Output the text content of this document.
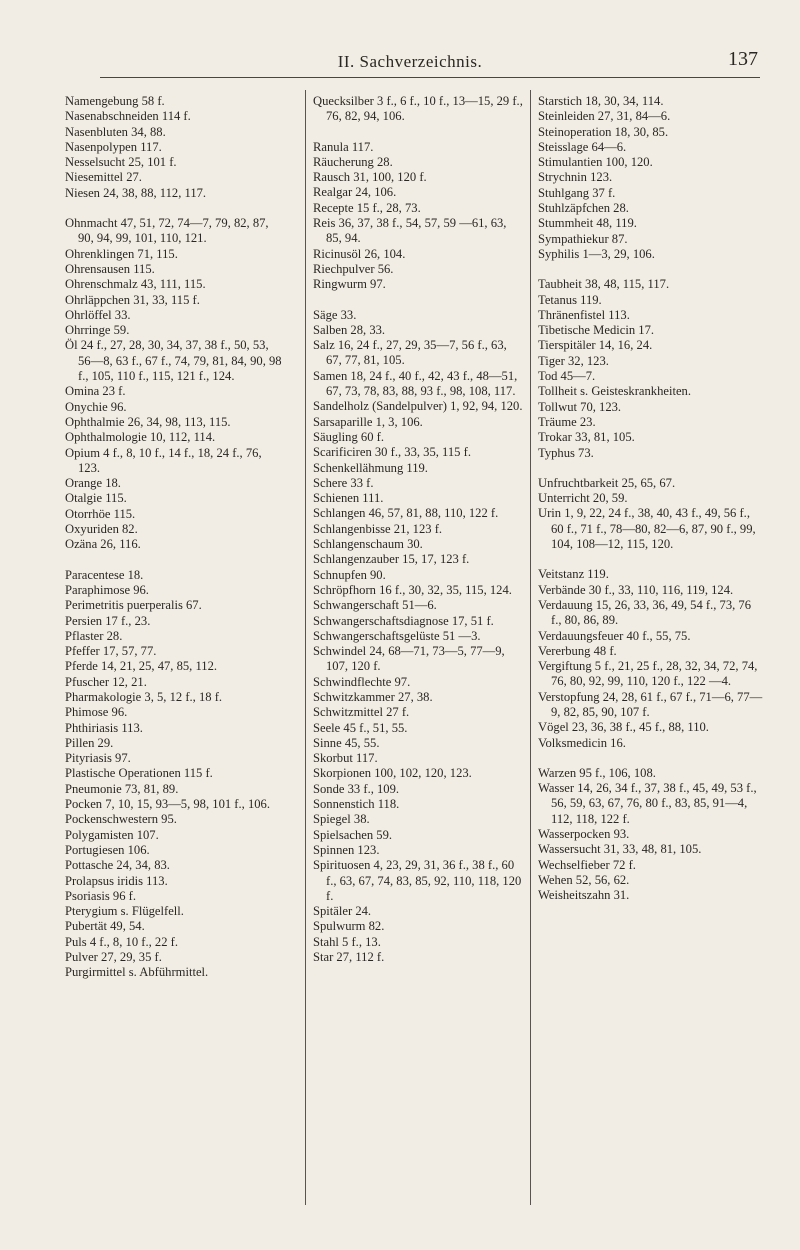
II. Sachverzeichnis.	137
Namengebung 58 f.
Nasenabschneiden 114 f.
Nasenbluten 34, 88.
Nasenpolypen 117.
Nesselsucht 25, 101 f.
Niesemittel 27.
Niesen 24, 38, 88, 112, 117.
Ohnmacht 47, 51, 72, 74—7, 79, 82, 87, 90, 94, 99, 101, 110, 121.
Ohrenklingen 71, 115.
Ohrensausen 115.
Ohrenschmalz 43, 111, 115.
Ohrläppchen 31, 33, 115 f.
Ohrlöffel 33.
Ohrringe 59.
Öl 24 f., 27, 28, 30, 34, 37, 38 f., 50, 53, 56—8, 63 f., 67 f., 74, 79, 81, 84, 90, 98 f., 105, 110 f., 115, 121 f., 124.
Omina 23 f.
Onychie 96.
Ophthalmie 26, 34, 98, 113, 115.
Ophthalmologie 10, 112, 114.
Opium 4 f., 8, 10 f., 14 f., 18, 24 f., 76, 123.
Orange 18.
Otalgie 115.
Otorrhöe 115.
Oxyuriden 82.
Ozäna 26, 116.
Paracentese 18.
Paraphimose 96.
Perimetritis puerperalis 67.
Persien 17 f., 23.
Pflaster 28.
Pfeffer 17, 57, 77.
Pferde 14, 21, 25, 47, 85, 112.
Pfuscher 12, 21.
Pharmakologie 3, 5, 12 f., 18 f.
Phimose 96.
Phthiriasis 113.
Pillen 29.
Pityriasis 97.
Plastische Operationen 115 f.
Pneumonie 73, 81, 89.
Pocken 7, 10, 15, 93—5, 98, 101 f., 106.
Pockenschwestern 95.
Polygamisten 107.
Portugiesen 106.
Pottasche 24, 34, 83.
Prolapsus iridis 113.
Psoriasis 96 f.
Pterygium s. Flügelfell.
Pubertät 49, 54.
Puls 4 f., 8, 10 f., 22 f.
Pulver 27, 29, 35 f.
Purgirmittel s. Abführmittel.
Quecksilber 3 f., 6 f., 10 f., 13—15, 29 f., 76, 82, 94, 106.
Ranula 117.
Räucherung 28.
Rausch 31, 100, 120 f.
Realgar 24, 106.
Recepte 15 f., 28, 73.
Reis 36, 37, 38 f., 54, 57, 59 —61, 63, 85, 94.
Ricinusöl 26, 104.
Riechpulver 56.
Ringwurm 97.
Säge 33.
Salben 28, 33.
Salz 16, 24 f., 27, 29, 35—7, 56 f., 63, 67, 77, 81, 105.
Samen 18, 24 f., 40 f., 42, 43 f., 48—51, 67, 73, 78, 83, 88, 93 f., 98, 108, 117.
Sandelholz (Sandelpulver) 1, 92, 94, 120.
Sarsaparille 1, 3, 106.
Säugling 60 f.
Scarificiren 30 f., 33, 35, 115 f.
Schenkellähmung 119.
Schere 33 f.
Schienen 111.
Schlangen 46, 57, 81, 88, 110, 122 f.
Schlangenbisse 21, 123 f.
Schlangenschaum 30.
Schlangenzauber 15, 17, 123 f.
Schnupfen 90.
Schröpfhorn 16 f., 30, 32, 35, 115, 124.
Schwangerschaft 51—6.
Schwangerschaftsdiagnose 17, 51 f.
Schwangerschaftsgelüste 51 —3.
Schwindel 24, 68—71, 73—5, 77—9, 107, 120 f.
Schwindflechte 97.
Schwitzkammer 27, 38.
Schwitzmittel 27 f.
Seele 45 f., 51, 55.
Sinne 45, 55.
Skorbut 117.
Skorpionen 100, 102, 120, 123.
Sonde 33 f., 109.
Sonnenstich 118.
Spiegel 38.
Spielsachen 59.
Spinnen 123.
Spirituosen 4, 23, 29, 31, 36 f., 38 f., 60 f., 63, 67, 74, 83, 85, 92, 110, 118, 120 f.
Spitäler 24.
Spulwurm 82.
Stahl 5 f., 13.
Star 27, 112 f.
Starstich 18, 30, 34, 114.
Steinleiden 27, 31, 84—6.
Steinoperation 18, 30, 85.
Steisslage 64—6.
Stimulantien 100, 120.
Strychnin 123.
Stuhlgang 37 f.
Stuhlzäpfchen 28.
Stummheit 48, 119.
Sympathiekur 87.
Syphilis 1—3, 29, 106.
Taubheit 38, 48, 115, 117.
Tetanus 119.
Thränenfistel 113.
Tibetische Medicin 17.
Tierspitäler 14, 16, 24.
Tiger 32, 123.
Tod 45—7.
Tollheit s. Geisteskrankheiten.
Tollwut 70, 123.
Träume 23.
Trokar 33, 81, 105.
Typhus 73.
Unfruchtbarkeit 25, 65, 67.
Unterricht 20, 59.
Urin 1, 9, 22, 24 f., 38, 40, 43 f., 49, 56 f., 60 f., 71 f., 78—80, 82—6, 87, 90 f., 99, 104, 108—12, 115, 120.
Veitstanz 119.
Verbände 30 f., 33, 110, 116, 119, 124.
Verdauung 15, 26, 33, 36, 49, 54 f., 73, 76 f., 80, 86, 89.
Verdauungsfeuer 40 f., 55, 75.
Vererbung 48 f.
Vergiftung 5 f., 21, 25 f., 28, 32, 34, 72, 74, 76, 80, 92, 99, 110, 120 f., 122 —4.
Verstopfung 24, 28, 61 f., 67 f., 71—6, 77—9, 82, 85, 90, 107 f.
Vögel 23, 36, 38 f., 45 f., 88, 110.
Volksmedicin 16.
Warzen 95 f., 106, 108.
Wasser 14, 26, 34 f., 37, 38 f., 45, 49, 53 f., 56, 59, 63, 67, 76, 80 f., 83, 85, 91—4, 112, 118, 122 f.
Wasserpocken 93.
Wassersucht 31, 33, 48, 81, 105.
Wechselfieber 72 f.
Wehen 52, 56, 62.
Weisheitszahn 31.
